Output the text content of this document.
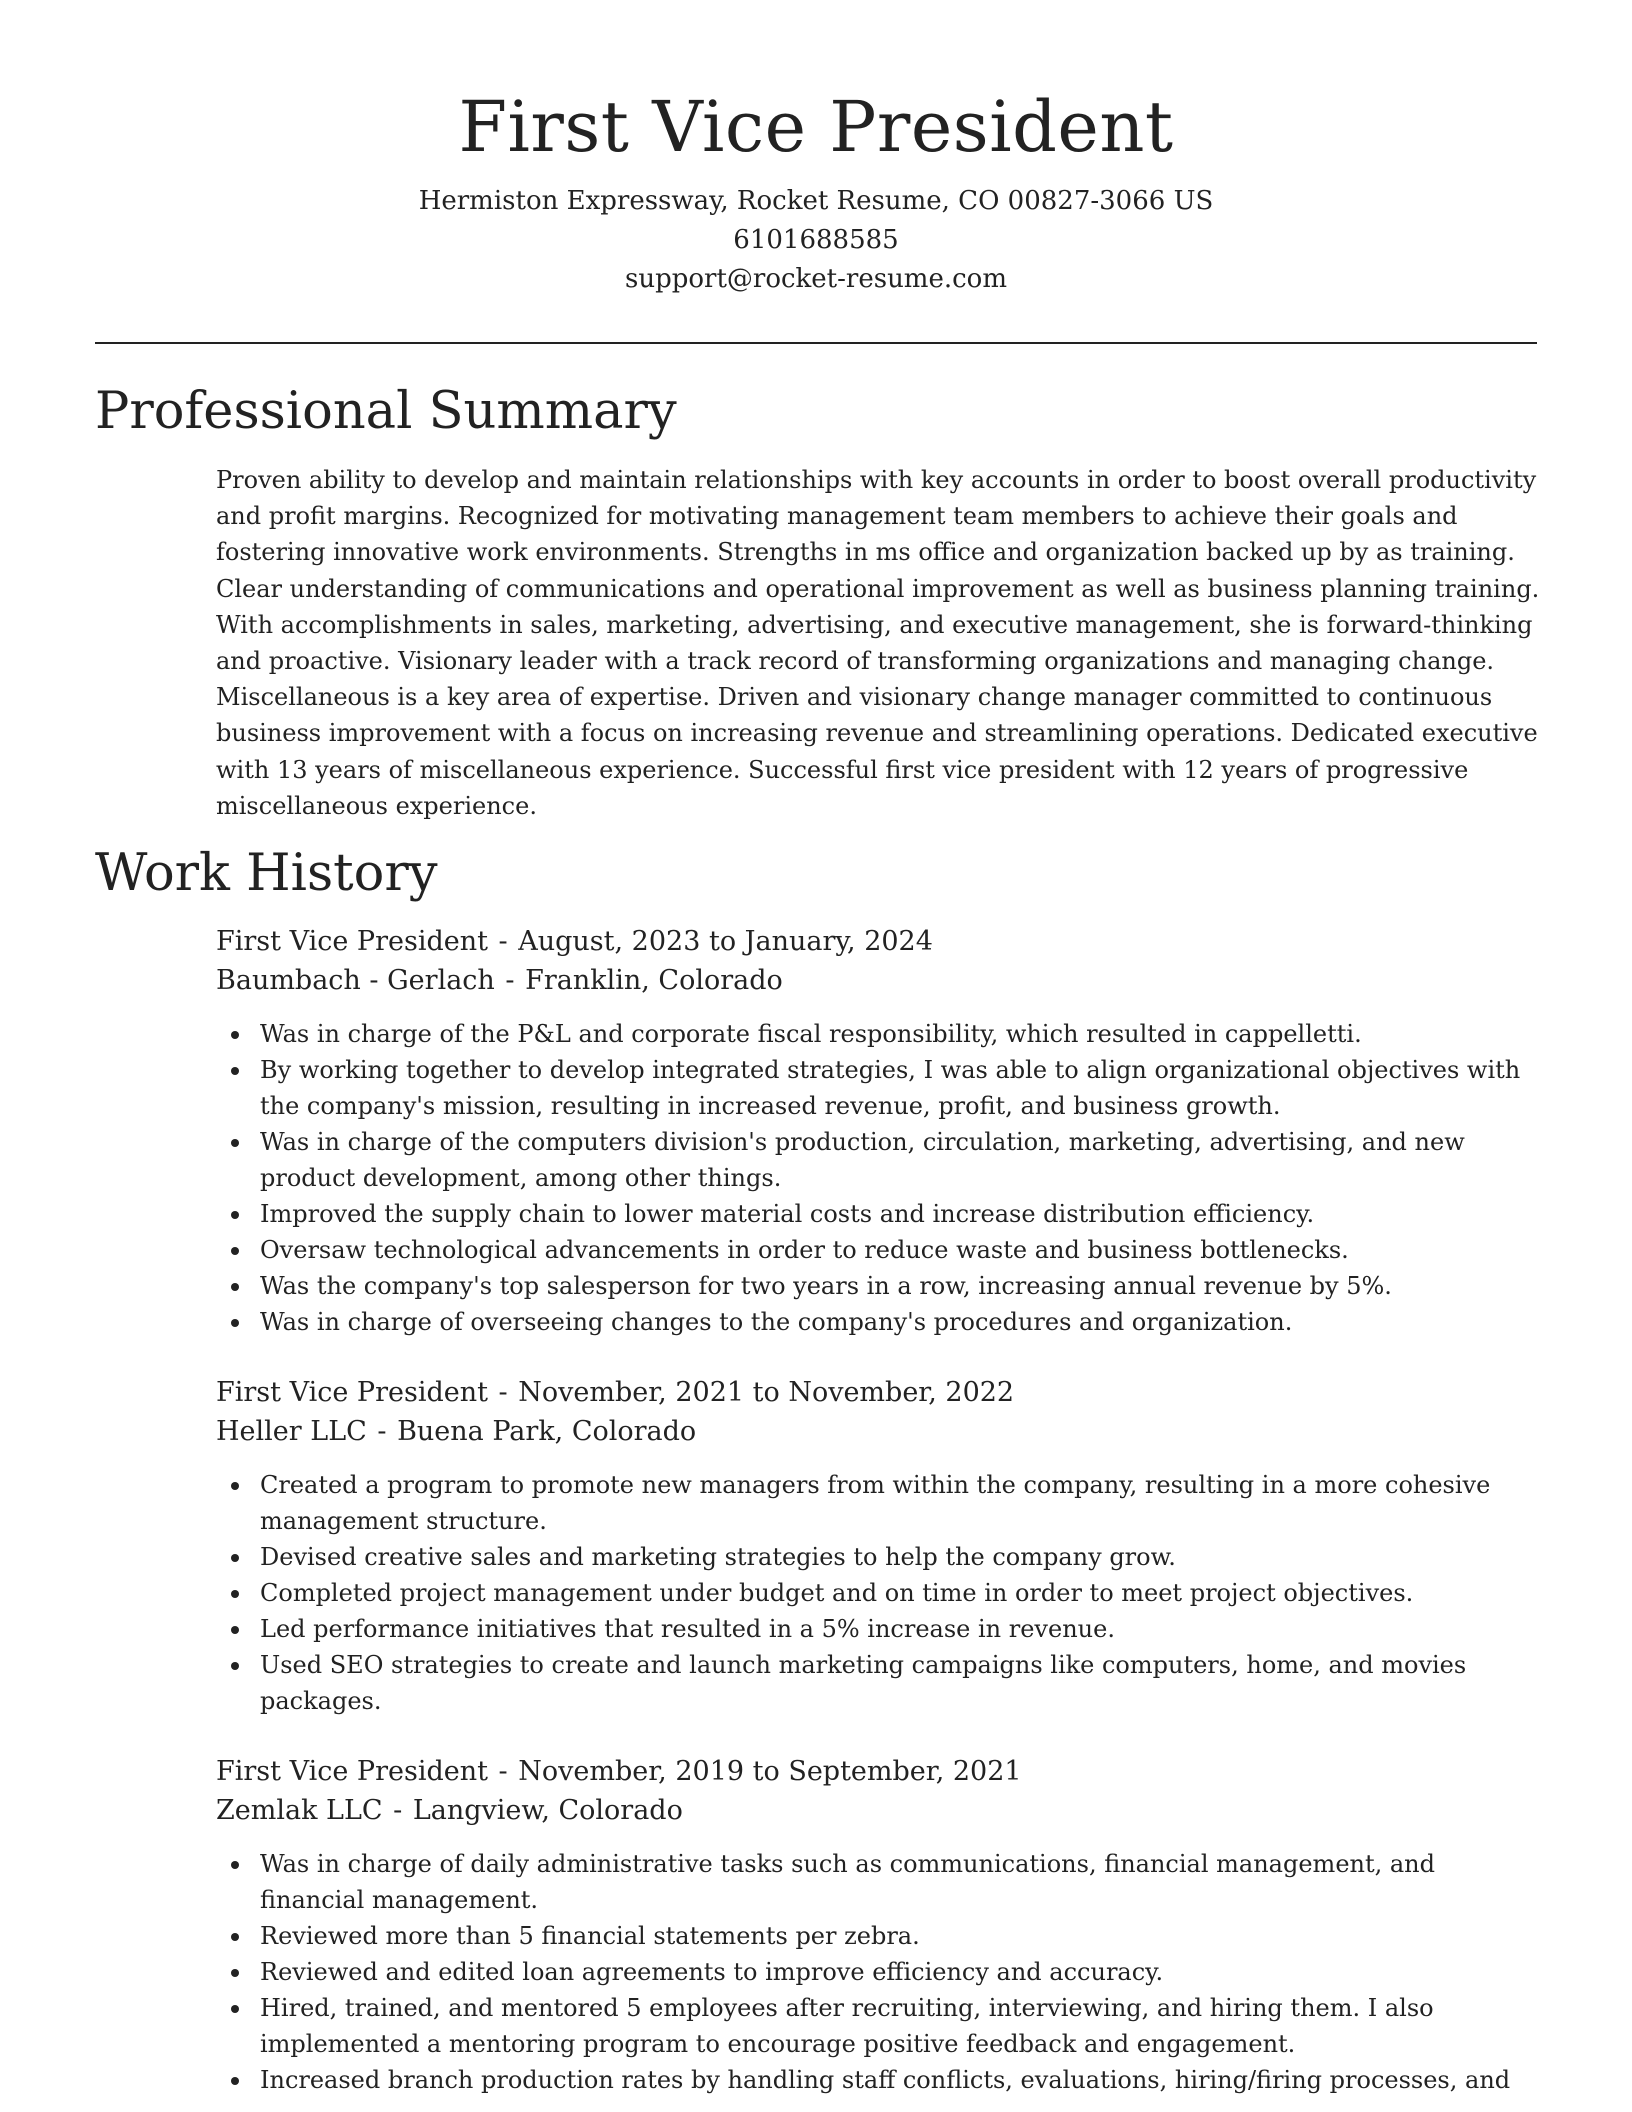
First Vice President
Hermiston Expressway, Rocket Resume, CO 00827-3066 US
6101688585
support@rocket-resume.com
Professional Summary

Proven ability to develop and maintain relationships with key accounts in order to boost overall productivity and profit margins. Recognized for motivating management team members to achieve their goals and fostering innovative work environments. Strengths in ms office and organization backed up by as training. Clear understanding of communications and operational improvement as well as business planning training. With accomplishments in sales, marketing, advertising, and executive management, she is forward-thinking and proactive. Visionary leader with a track record of transforming organizations and managing change. Miscellaneous is a key area of expertise. Driven and visionary change manager committed to continuous business improvement with a focus on increasing revenue and streamlining operations. Dedicated executive with 13 years of miscellaneous experience. Successful first vice president with 12 years of progressive miscellaneous experience.

Work History
First Vice President - August, 2023 to January, 2024
Baumbach - Gerlach - Franklin, Colorado
Was in charge of the P&L and corporate fiscal responsibility, which resulted in cappelletti.
By working together to develop integrated strategies, I was able to align organizational objectives with the company's mission, resulting in increased revenue, profit, and business growth.
Was in charge of the computers division's production, circulation, marketing, advertising, and new product development, among other things.
Improved the supply chain to lower material costs and increase distribution efficiency.
Oversaw technological advancements in order to reduce waste and business bottlenecks.
Was the company's top salesperson for two years in a row, increasing annual revenue by 5%.
Was in charge of overseeing changes to the company's procedures and organization.
First Vice President - November, 2021 to November, 2022
Heller LLC - Buena Park, Colorado
Created a program to promote new managers from within the company, resulting in a more cohesive management structure.
Devised creative sales and marketing strategies to help the company grow.
Completed project management under budget and on time in order to meet project objectives.
Led performance initiatives that resulted in a 5% increase in revenue.
Used SEO strategies to create and launch marketing campaigns like computers, home, and movies packages.
First Vice President - November, 2019 to September, 2021
Zemlak LLC - Langview, Colorado
Was in charge of daily administrative tasks such as communications, financial management, and financial management.
Reviewed more than 5 financial statements per zebra.
Reviewed and edited loan agreements to improve efficiency and accuracy.
Hired, trained, and mentored 5 employees after recruiting, interviewing, and hiring them. I also implemented a mentoring program to encourage positive feedback and engagement.
Increased branch production rates by handling staff conflicts, evaluations, hiring/firing processes, and
